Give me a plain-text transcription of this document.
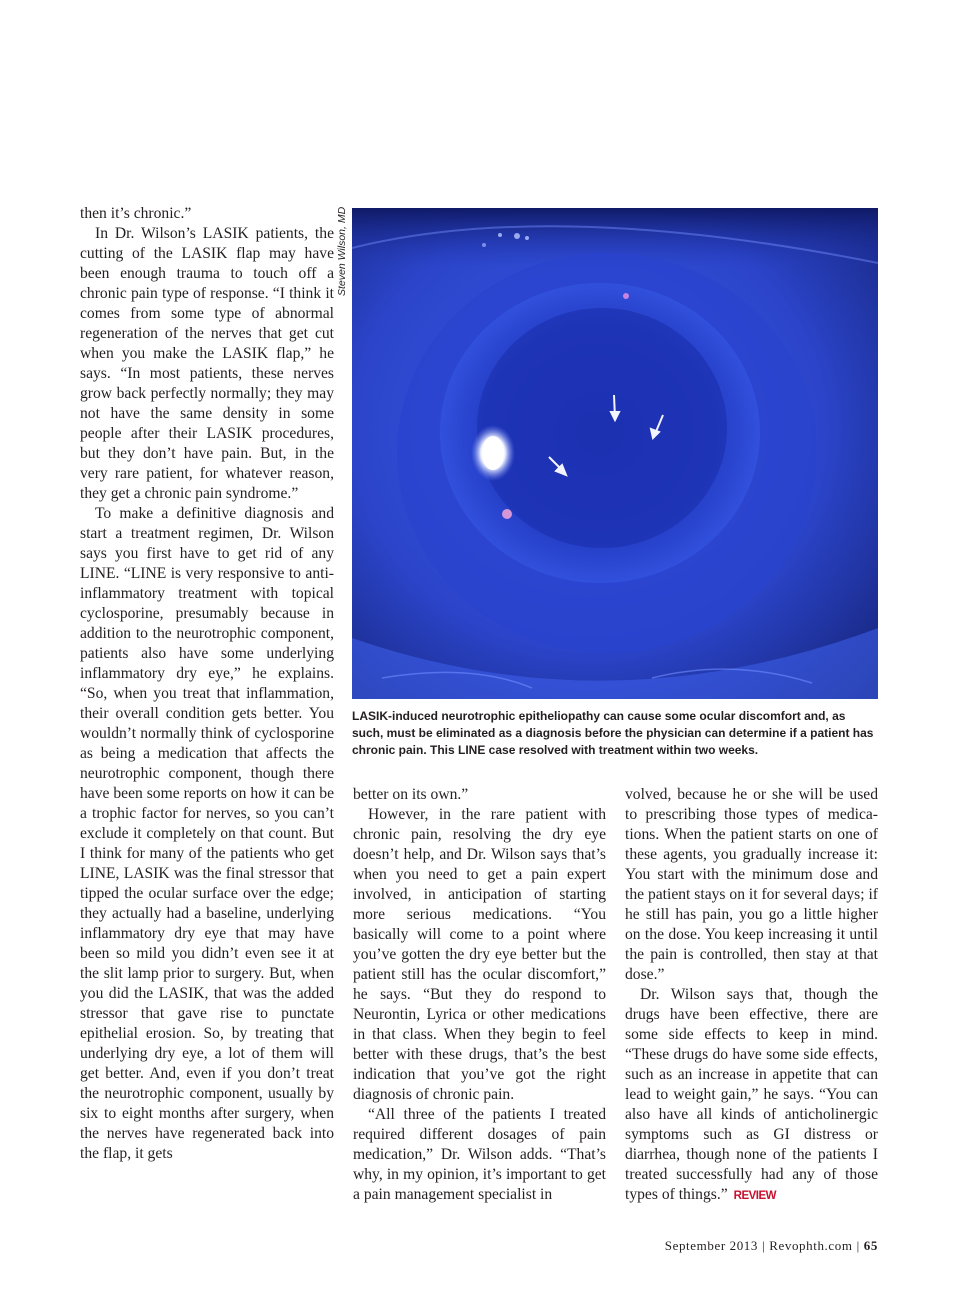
then it’s chronic.”

In Dr. Wilson’s LASIK patients, the cutting of the LASIK flap may have been enough trauma to touch off a chronic pain type of response. “I think it comes from some type of abnormal regeneration of the nerves that get cut when you make the LASIK flap,” he says. “In most patients, these nerves grow back perfectly normally; they may not have the same density in some people after their LASIK procedures, but they don’t have pain. But, in the very rare patient, for whatever reason, they get a chronic pain syndrome.”

To make a definitive diagnosis and start a treatment regimen, Dr. Wilson says you first have to get rid of any LINE. “LINE is very responsive to anti-inflammatory treatment with topical cyclosporine, presumably because in addition to the neurotrophic component, patients also have some underlying inflammatory dry eye,” he explains. “So, when you treat that inflammation, their overall condition gets better. You wouldn’t normally think of cyclosporine as being a medication that affects the neurotrophic component, though there have been some reports on how it can be a trophic factor for nerves, so you can’t exclude it completely on that count. But I think for many of the patients who get LINE, LASIK was the final stressor that tipped the ocular surface over the edge; they actually had a baseline, underlying inflammatory dry eye that may have been so mild you didn’t even see it at the slit lamp prior to surgery. But, when you did the LASIK, that was the added stressor that gave rise to punctate epithelial erosion. So, by treating that underlying dry eye, a lot of them will get better. And, even if you don’t treat the neurotrophic component, usually by six to eight months after surgery, when the nerves have regenerated back into the flap, it gets

Steven Wilson, MD
LASIK-induced neurotrophic epitheliopathy can cause some ocular discomfort and, as such, must be eliminated as a diagnosis before the physician can determine if a patient has chronic pain. This LINE case resolved with treatment within two weeks.

better on its own.”

However, in the rare patient with chronic pain, resolving the dry eye doesn’t help, and Dr. Wilson says that’s when you need to get a pain expert involved, in anticipation of starting more serious medications. “You basically will come to a point where you’ve gotten the dry eye better but the patient still has the ocular discomfort,” he says. “But they do respond to Neurontin, Lyrica or other medications in that class. When they begin to feel better with these drugs, that’s the best indication that you’ve got the right diagnosis of chronic pain.

“All three of the patients I treated required different dosages of pain medication,” Dr. Wilson adds. “That’s why, in my opinion, it’s important to get a pain management specialist in

volved, because he or she will be used to prescribing those types of medications. When the patient starts on one of these agents, you gradually increase it: You start with the minimum dose and the patient stays on it for several days; if he still has pain, you go a little higher on the dose. You keep increasing it until the pain is controlled, then stay at that dose.”

Dr. Wilson says that, though the drugs have been effective, there are some side effects to keep in mind. “These drugs do have some side effects, such as an increase in appetite that can lead to weight gain,” he says. “You can also have all kinds of anticholinergic symptoms such as GI distress or diarrhea, though none of the patients I treated successfully had any of those types of things.” REVIEW

September 2013 | Revophth.com | 65
